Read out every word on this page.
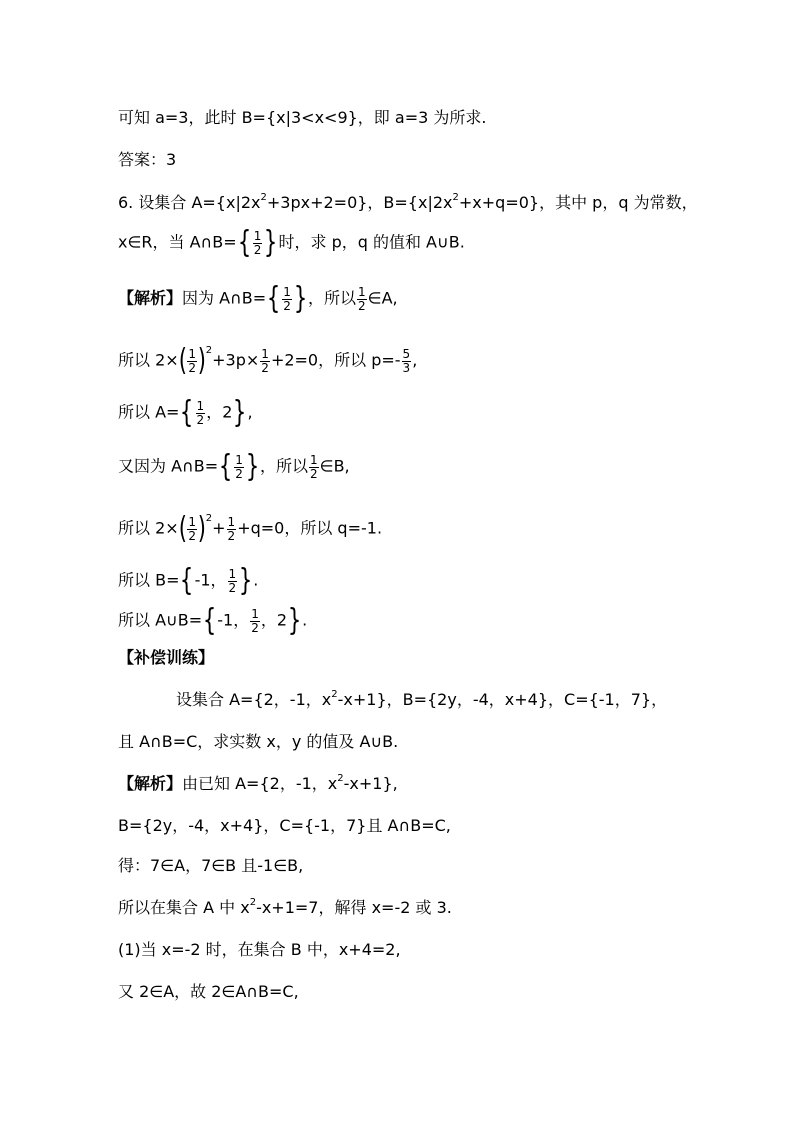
可知 a=3，此时 B={x|3<x<9}，即 a=3 为所求.
答案：3
6. 设集合 $A=\{x|2x^2+3px+2=0\}$，$B=\{x|2x^2+x+q=0\}$，其中 p，q 为常数，
x∈R，当 A∩B={ $\frac{1}{2}$ }时，求 p，q 的值和 A∪B.
【解析】因为 A∩B={ $\frac{1}{2}$ }，所以 $\frac{1}{2}$ ∈A,
所以 $2\times( \frac{1}{2} )^2+3p\times \frac{1}{2} +2=0$，所以 $p=- \frac{5}{3}$ ,
所以 $A=\{ \frac{1}{2}$ ，2},
又因为 A∩B={ $\frac{1}{2}$ }，所以 $\frac{1}{2}$ ∈B,
所以 $2\times( \frac{1}{2} )^2+ \frac{1}{2} +q=0$，所以 q=-1.
所以 B={-1， $\frac{1}{2}$ }.
所以 A∪B={-1， $\frac{1}{2}$ ，2}.
【补偿训练】
设集合 A={2，-1，$x^2-x+1$}，B={2y，-4，x+4}，C={-1，7}，
且 A∩B=C，求实数 x，y 的值及 A∪B.
【解析】由已知 A={2，-1，$x^2-x+1$},
B={2y，-4，x+4}，C={-1，7}且 A∩B=C,
得：7∈A，7∈B 且-1∈B,
所以在集合 A 中 $x^2-x+1=7$，解得 x=-2 或 3.
(1)当 x=-2 时，在集合 B 中，x+4=2,
又 2∈A，故 2∈A∩B=C,
